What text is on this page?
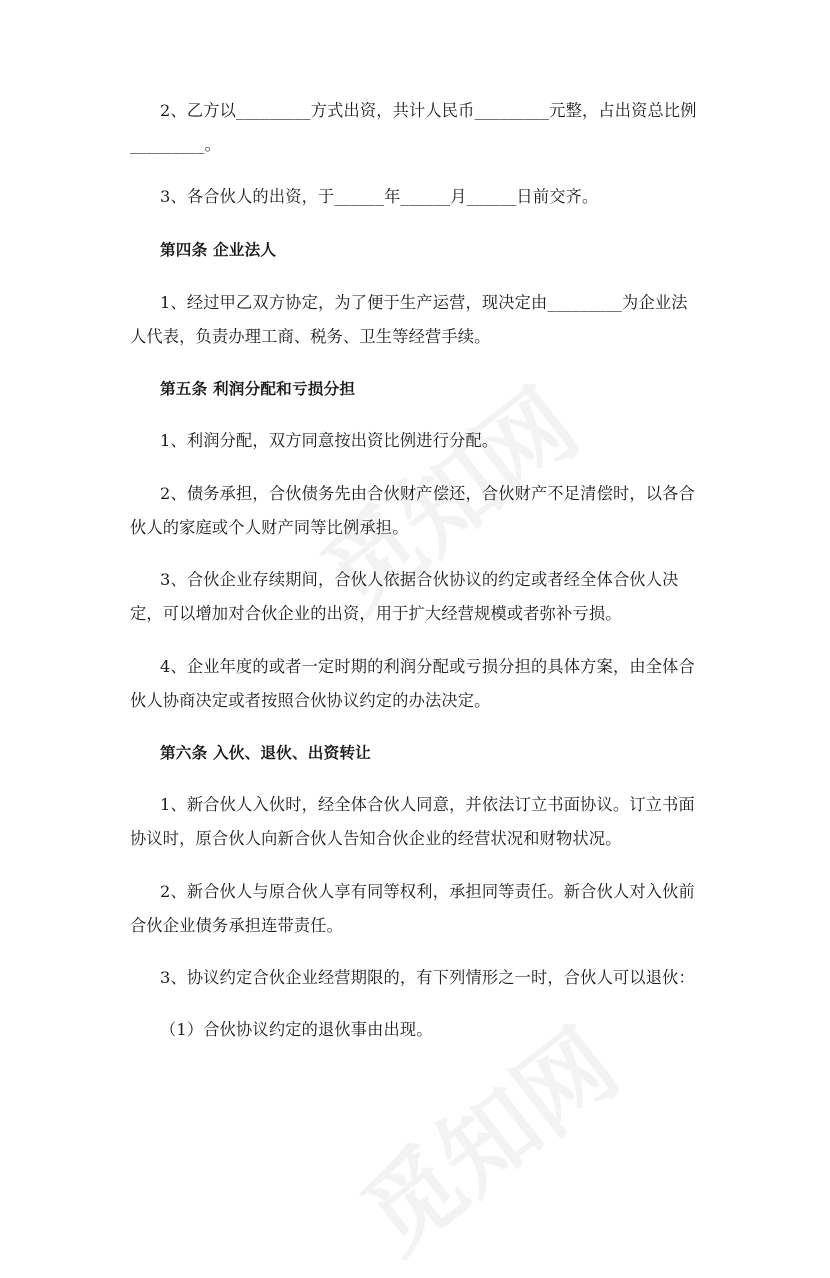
2、乙方以_________方式出资，共计人民币_________元整，占出资总比例
_________。
3、各合伙人的出资，于______年______月______日前交齐。
第四条 企业法人
1、经过甲乙双方协定，为了便于生产运营，现决定由_________为企业法
人代表，负责办理工商、税务、卫生等经营手续。
第五条 利润分配和亏损分担
1、利润分配，双方同意按出资比例进行分配。
2、债务承担，合伙债务先由合伙财产偿还，合伙财产不足清偿时，以各合
伙人的家庭或个人财产同等比例承担。
3、合伙企业存续期间，合伙人依据合伙协议的约定或者经全体合伙人决
定，可以增加对合伙企业的出资，用于扩大经营规模或者弥补亏损。
4、企业年度的或者一定时期的利润分配或亏损分担的具体方案，由全体合
伙人协商决定或者按照合伙协议约定的办法决定。
第六条 入伙、退伙、出资转让
1、新合伙人入伙时，经全体合伙人同意，并依法订立书面协议。订立书面
协议时，原合伙人向新合伙人告知合伙企业的经营状况和财物状况。
2、新合伙人与原合伙人享有同等权利，承担同等责任。新合伙人对入伙前
合伙企业债务承担连带责任。
3、协议约定合伙企业经营期限的，有下列情形之一时，合伙人可以退伙：
（1）合伙协议约定的退伙事由出现。
